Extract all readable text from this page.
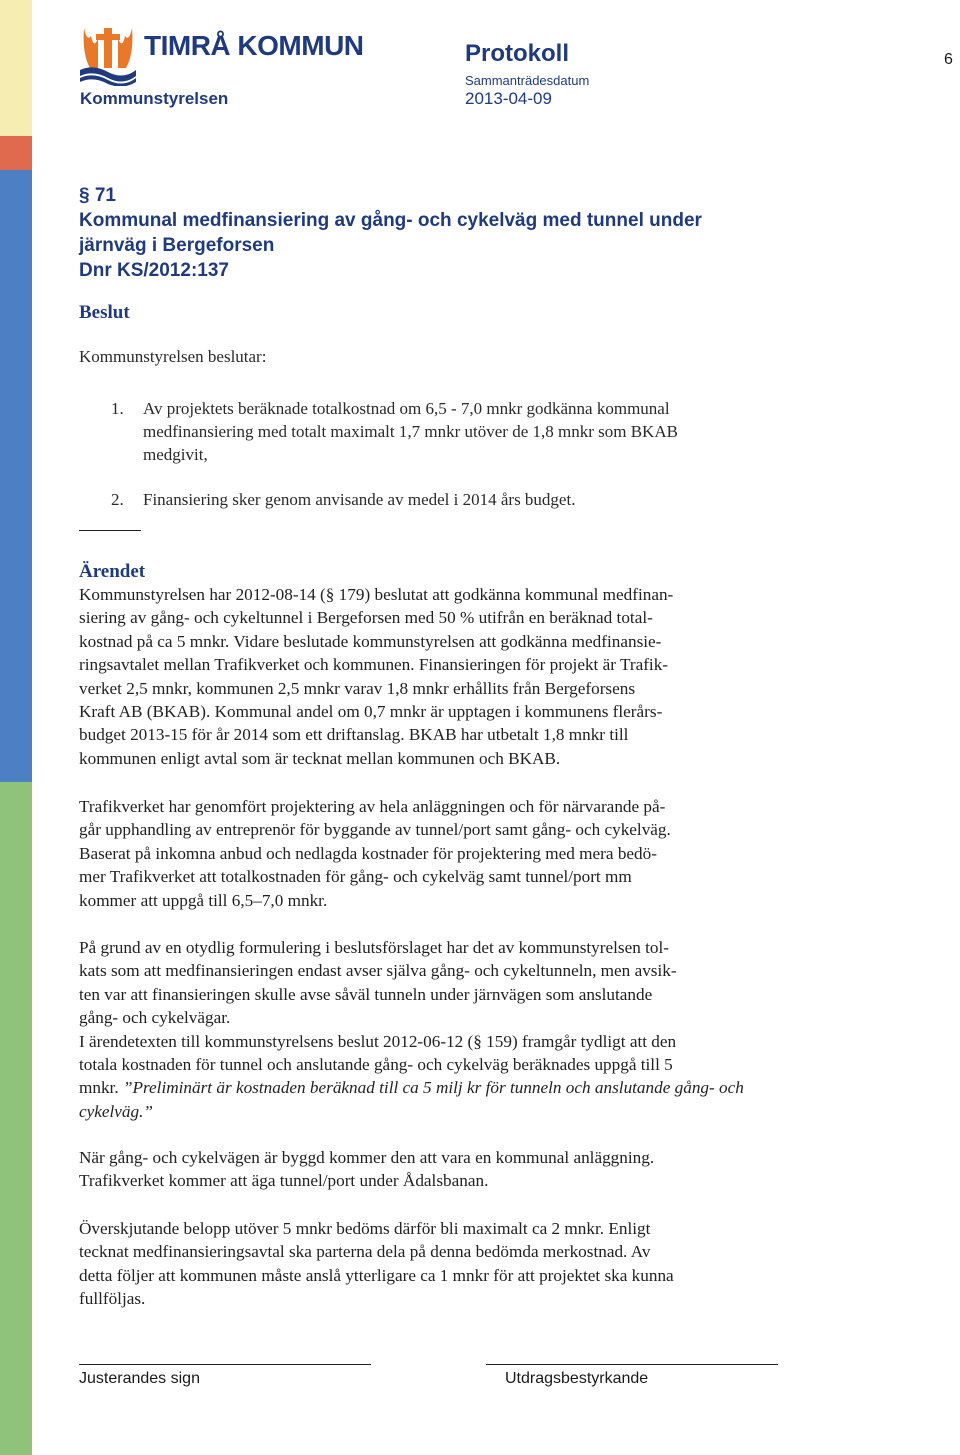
TIMRÅ KOMMUN
Kommunstyrelsen
Protokoll
Sammanträdesdatum
2013-04-09
6
§ 71
Kommunal medfinansiering av gång- och cykelväg med tunnel under
järnväg i Bergeforsen
Dnr KS/2012:137
Beslut
Kommunstyrelsen beslutar:
1. Av projektets beräknade totalkostnad om 6,5 - 7,0 mnkr godkänna kommunal
medfinansiering med totalt maximalt 1,7 mnkr utöver de 1,8 mnkr som BKAB
medgivit,
2. Finansiering sker genom anvisande av medel i 2014 års budget.
Ärendet
Kommunstyrelsen har 2012-08-14 (§ 179) beslutat att godkänna kommunal medfinan-
siering av gång- och cykeltunnel i Bergeforsen med 50 % utifrån en beräknad total-
kostnad på ca 5 mnkr. Vidare beslutade kommunstyrelsen att godkänna medfinansie-
ringsavtalet mellan Trafikverket och kommunen. Finansieringen för projekt är Trafik-
verket 2,5 mnkr, kommunen 2,5 mnkr varav 1,8 mnkr erhållits från Bergeforsens
Kraft AB (BKAB). Kommunal andel om 0,7 mnkr är upptagen i kommunens flerårs-
budget 2013-15 för år 2014 som ett driftanslag. BKAB har utbetalt 1,8 mnkr till
kommunen enligt avtal som är tecknat mellan kommunen och BKAB.
Trafikverket har genomfört projektering av hela anläggningen och för närvarande på-
går upphandling av entreprenör för byggande av tunnel/port samt gång- och cykelväg.
Baserat på inkomna anbud och nedlagda kostnader för projektering med mera bedö-
mer Trafikverket att totalkostnaden för gång- och cykelväg samt tunnel/port mm
kommer att uppgå till 6,5–7,0 mnkr.
På grund av en otydlig formulering i beslutsförslaget har det av kommunstyrelsen tol-
kats som att medfinansieringen endast avser själva gång- och cykeltunneln, men avsik-
ten var att finansieringen skulle avse såväl tunneln under järnvägen som anslutande
gång- och cykelvägar.
I ärendetexten till kommunstyrelsens beslut 2012-06-12 (§ 159) framgår tydligt att den
totala kostnaden för tunnel och anslutande gång- och cykelväg beräknades uppgå till 5
mnkr. ”Preliminärt är kostnaden beräknad till ca 5 milj kr för tunneln och anslutande gång- och
cykelväg.”
När gång- och cykelvägen är byggd kommer den att vara en kommunal anläggning.
Trafikverket kommer att äga tunnel/port under Ådalsbanan.
Överskjutande belopp utöver 5 mnkr bedöms därför bli maximalt ca 2 mnkr. Enligt
tecknat medfinansieringsavtal ska parterna dela på denna bedömda merkostnad. Av
detta följer att kommunen måste anslå ytterligare ca 1 mnkr för att projektet ska kunna
fullföljas.
Justerandes sign	Utdragsbestyrkande
